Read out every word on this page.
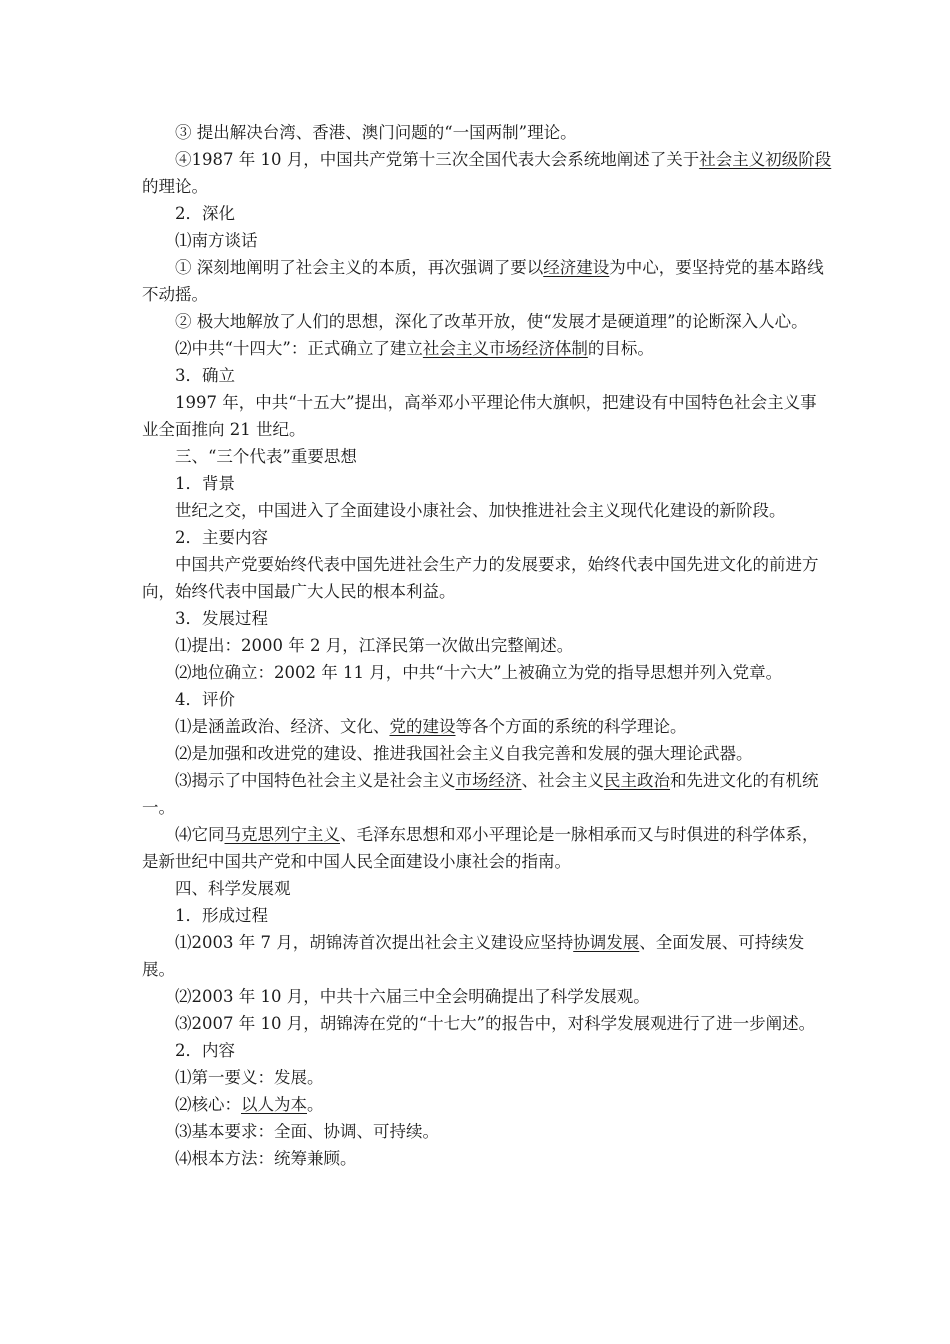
③ 提出解决台湾、香港、澳门问题的“一国两制”理论。

④1987 年 10 月，中国共产党第十三次全国代表大会系统地阐述了关于社会主义初级阶段的理论。

2．深化

⑴南方谈话

① 深刻地阐明了社会主义的本质，再次强调了要以经济建设为中心，要坚持党的基本路线不动摇。

② 极大地解放了人们的思想，深化了改革开放，使“发展才是硬道理”的论断深入人心。

⑵中共“十四大”：正式确立了建立社会主义市场经济体制的目标。

3．确立

1997 年，中共“十五大”提出，高举邓小平理论伟大旗帜，把建设有中国特色社会主义事业全面推向 21 世纪。

三、“三个代表”重要思想

1．背景

世纪之交，中国进入了全面建设小康社会、加快推进社会主义现代化建设的新阶段。

2．主要内容

中国共产党要始终代表中国先进社会生产力的发展要求，始终代表中国先进文化的前进方向，始终代表中国最广大人民的根本利益。

3．发展过程

⑴提出：2000 年 2 月，江泽民第一次做出完整阐述。

⑵地位确立：2002 年 11 月，中共“十六大”上被确立为党的指导思想并列入党章。

4．评价

⑴是涵盖政治、经济、文化、党的建设等各个方面的系统的科学理论。

⑵是加强和改进党的建设、推进我国社会主义自我完善和发展的强大理论武器。

⑶揭示了中国特色社会主义是社会主义市场经济、社会主义民主政治和先进文化的有机统一。

⑷它同马克思列宁主义、毛泽东思想和邓小平理论是一脉相承而又与时俱进的科学体系，是新世纪中国共产党和中国人民全面建设小康社会的指南。

四、科学发展观

1．形成过程

⑴2003 年 7 月，胡锦涛首次提出社会主义建设应坚持协调发展、全面发展、可持续发展。

⑵2003 年 10 月，中共十六届三中全会明确提出了科学发展观。

⑶2007 年 10 月，胡锦涛在党的“十七大”的报告中，对科学发展观进行了进一步阐述。

2．内容

⑴第一要义：发展。

⑵核心：以人为本。

⑶基本要求：全面、协调、可持续。

⑷根本方法：统筹兼顾。
